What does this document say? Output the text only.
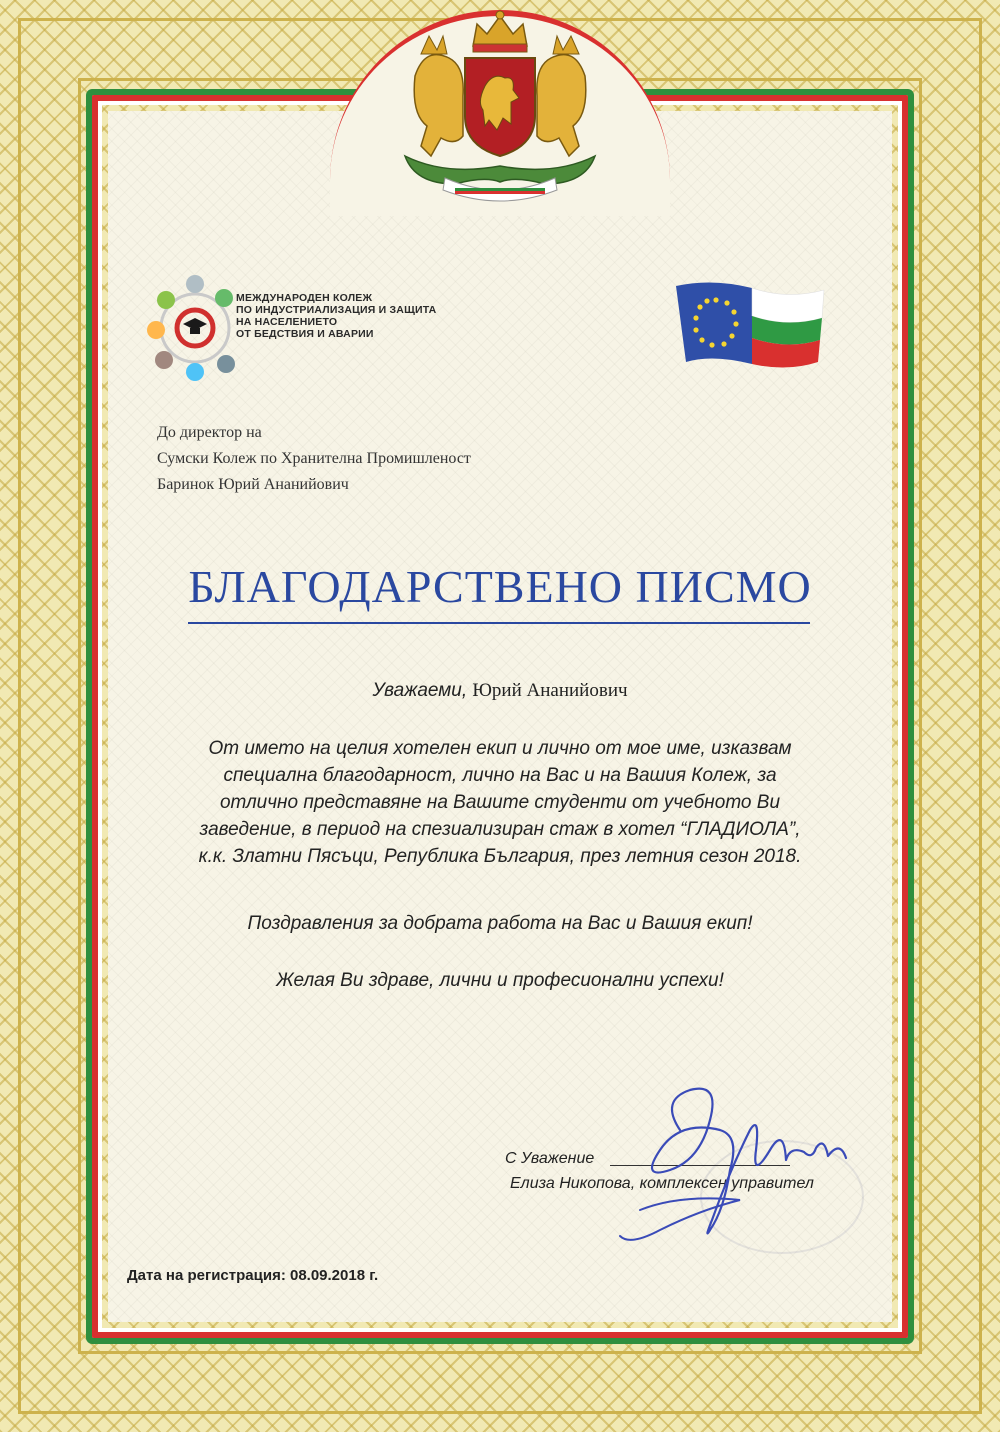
МЕЖДУНАРОДЕН КОЛЕЖ
ПО ИНДУСТРИАЛИЗАЦИЯ И ЗАЩИТА
НА НАСЕЛЕНИЕТО
ОТ БЕДСТВИЯ И АВАРИИ
До директор на
Сумски Колеж по Хранителна Промишленост
Баринок Юрий Ананийович
БЛАГОДАРСТВЕНО ПИСМО
Уважаеми, Юрий Ананийович
От името на целия хотелен екип и лично от мое име, изказвам
специална благодарност, лично на Вас и на Вашия Колеж, за
отлично представяне на Вашите студенти от учебното Ви
заведение, в период на спезиализиран стаж в хотел “ГЛАДИОЛА”,
к.к. Златни Пясъци, Република България, през летния сезон 2018.
Поздравления за добрата работа на Вас и Вашия екип!
Желая Ви здраве, лични и професионални успехи!
С Уважение
Елиза Никопова, комплексен управител
Дата на регистрация: 08.09.2018 г.
